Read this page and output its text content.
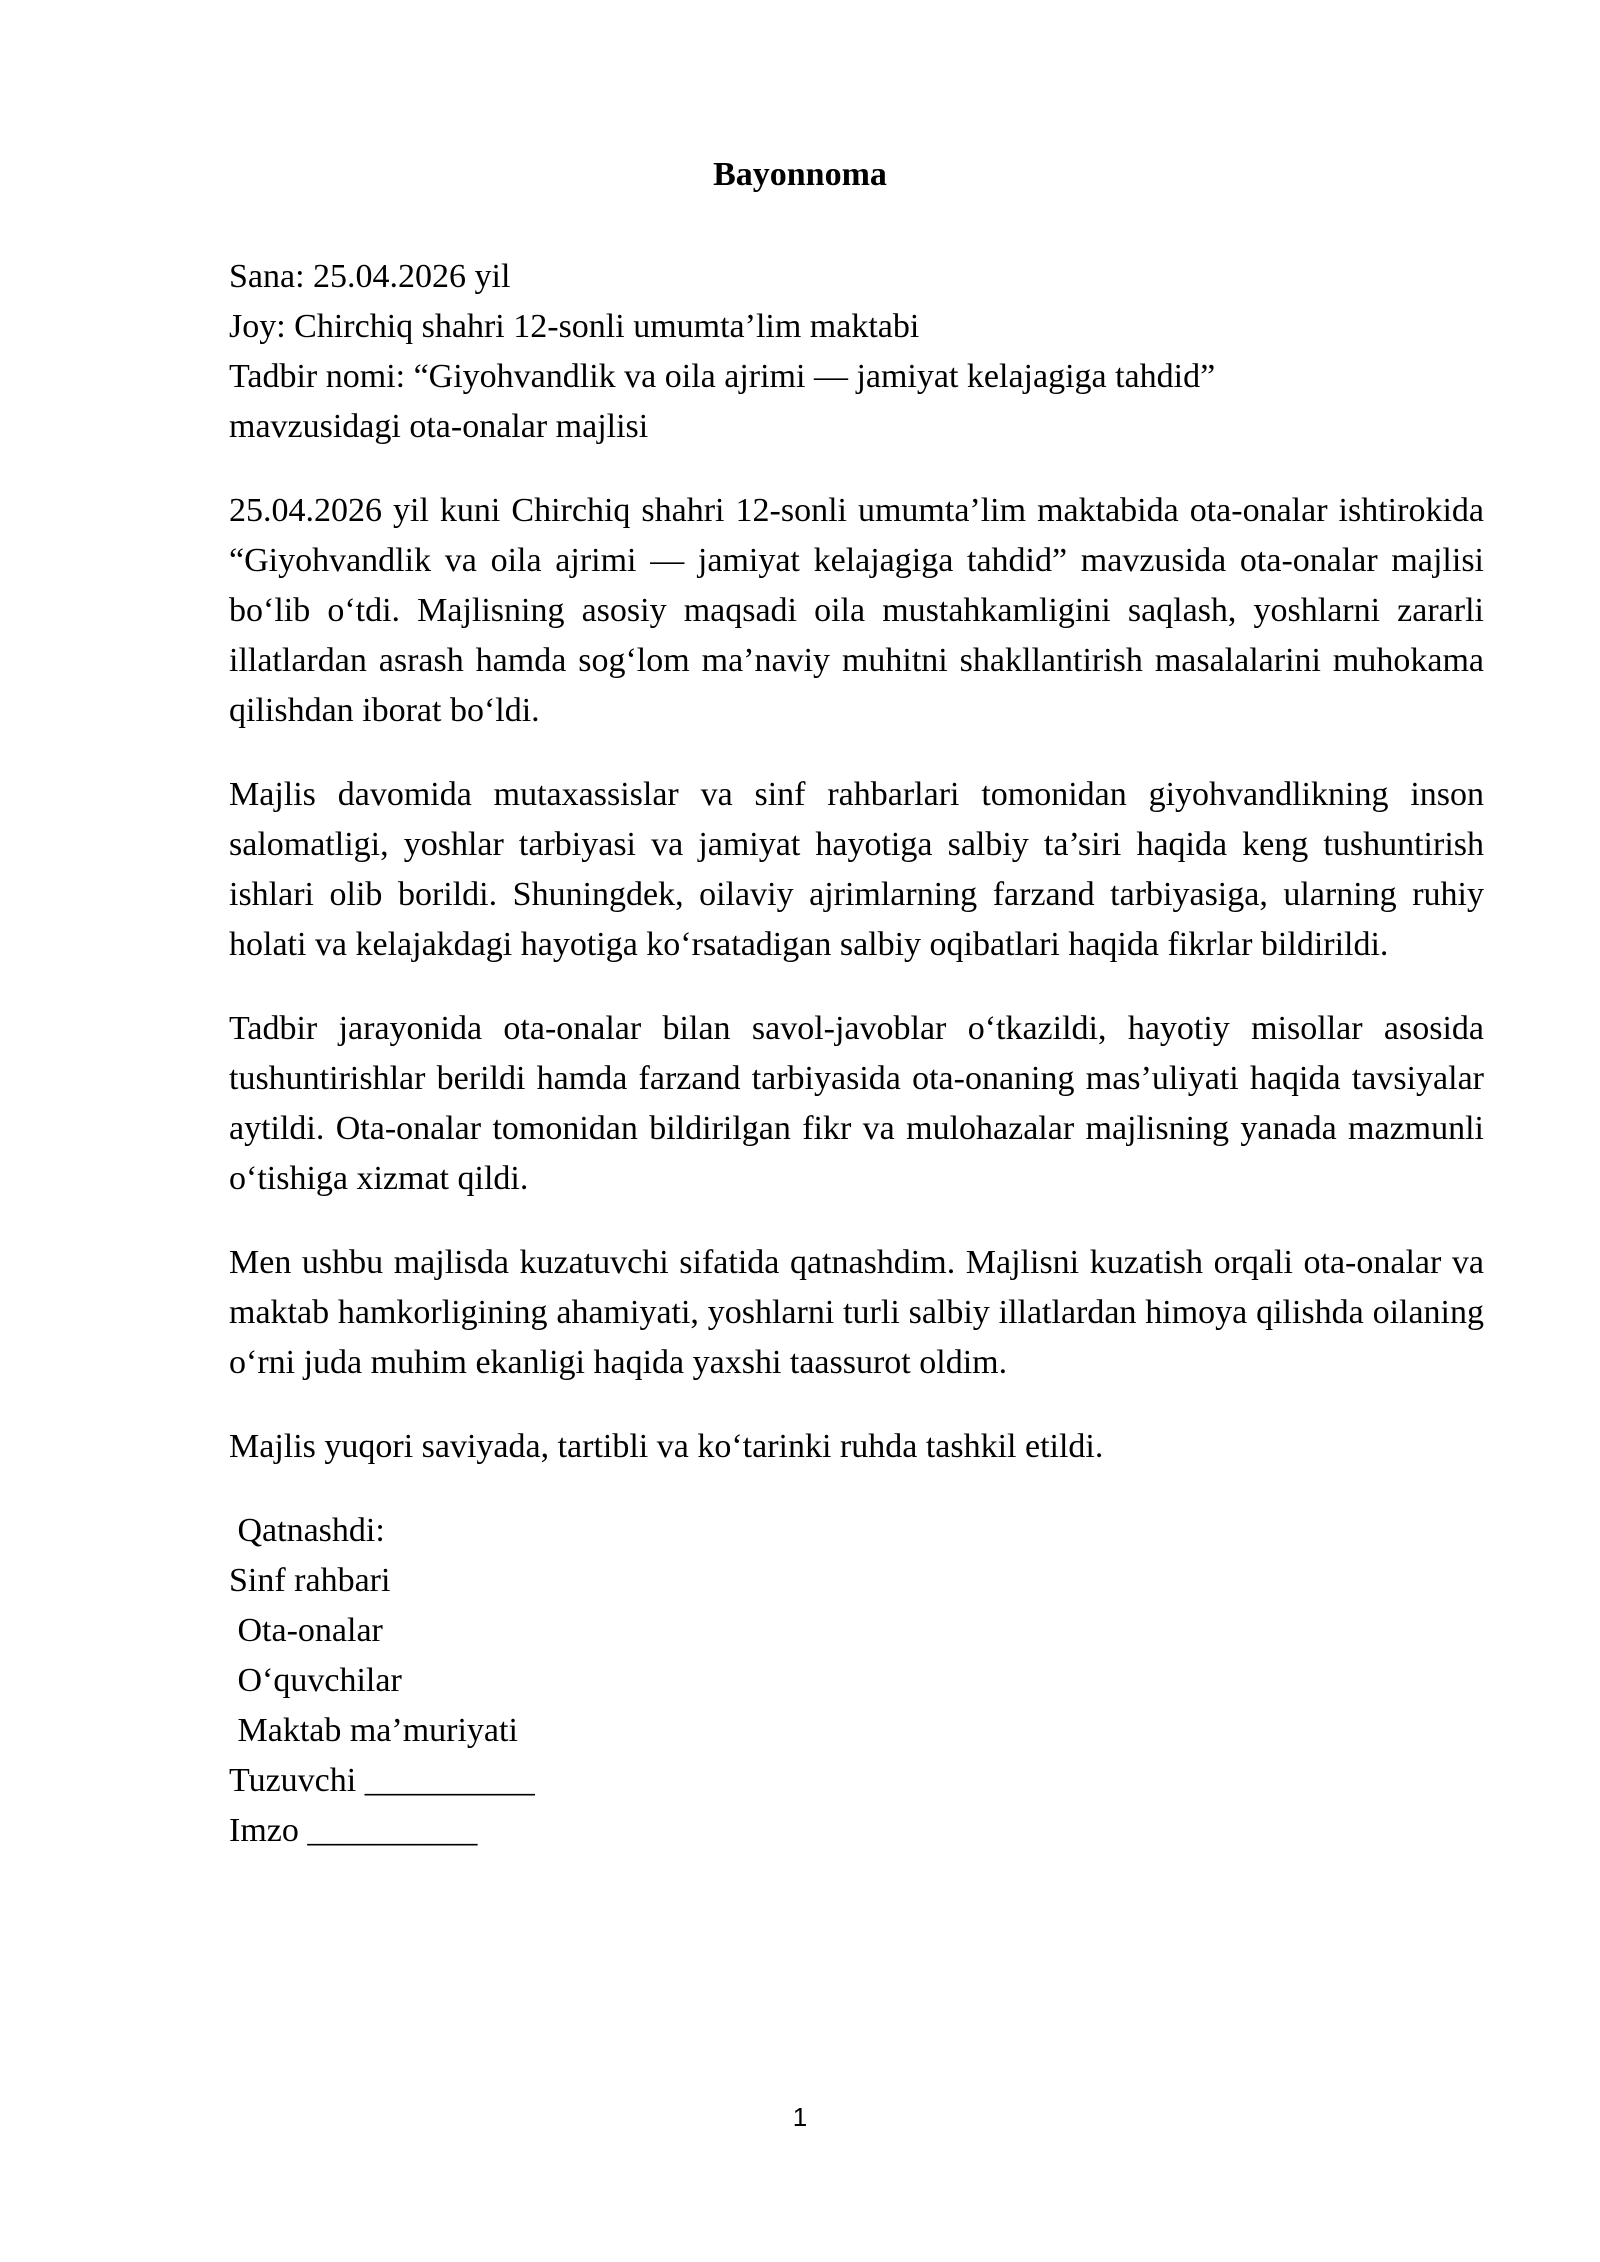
Bayonnoma
Sana: 25.04.2026 yil
Joy: Chirchiq shahri 12-sonli umumta’lim maktabi
Tadbir nomi: “Giyohvandlik va oila ajrimi — jamiyat kelajagiga tahdid”
mavzusidagi ota-onalar majlisi

25.04.2026 yil kuni Chirchiq shahri 12-sonli umumta’lim maktabida ota-onalar ishtirokida “Giyohvandlik va oila ajrimi — jamiyat kelajagiga tahdid” mavzusida ota-onalar majlisi bo‘lib o‘tdi. Majlisning asosiy maqsadi oila mustahkamligini saqlash, yoshlarni zararli illatlardan asrash hamda sog‘lom ma’naviy muhitni shakllantirish masalalarini muhokama qilishdan iborat bo‘ldi.

Majlis davomida mutaxassislar va sinf rahbarlari tomonidan giyohvandlikning inson salomatligi, yoshlar tarbiyasi va jamiyat hayotiga salbiy ta’siri haqida keng tushuntirish ishlari olib borildi. Shuningdek, oilaviy ajrimlarning farzand tarbiyasiga, ularning ruhiy holati va kelajakdagi hayotiga ko‘rsatadigan salbiy oqibatlari haqida fikrlar bildirildi.

Tadbir jarayonida ota-onalar bilan savol-javoblar o‘tkazildi, hayotiy misollar asosida tushuntirishlar berildi hamda farzand tarbiyasida ota-onaning mas’uliyati haqida tavsiyalar aytildi. Ota-onalar tomonidan bildirilgan fikr va mulohazalar majlisning yanada mazmunli o‘tishiga xizmat qildi.

Men ushbu majlisda kuzatuvchi sifatida qatnashdim. Majlisni kuzatish orqali ota-onalar va maktab hamkorligining ahamiyati, yoshlarni turli salbiy illatlardan himoya qilishda oilaning o‘rni juda muhim ekanligi haqida yaxshi taassurot oldim.

Majlis yuqori saviyada, tartibli va ko‘tarinki ruhda tashkil etildi.

Qatnashdi:
Sinf rahbari
Ota-onalar
O‘quvchilar
Maktab ma’muriyati
Tuzuvchi __________
Imzo __________
1
